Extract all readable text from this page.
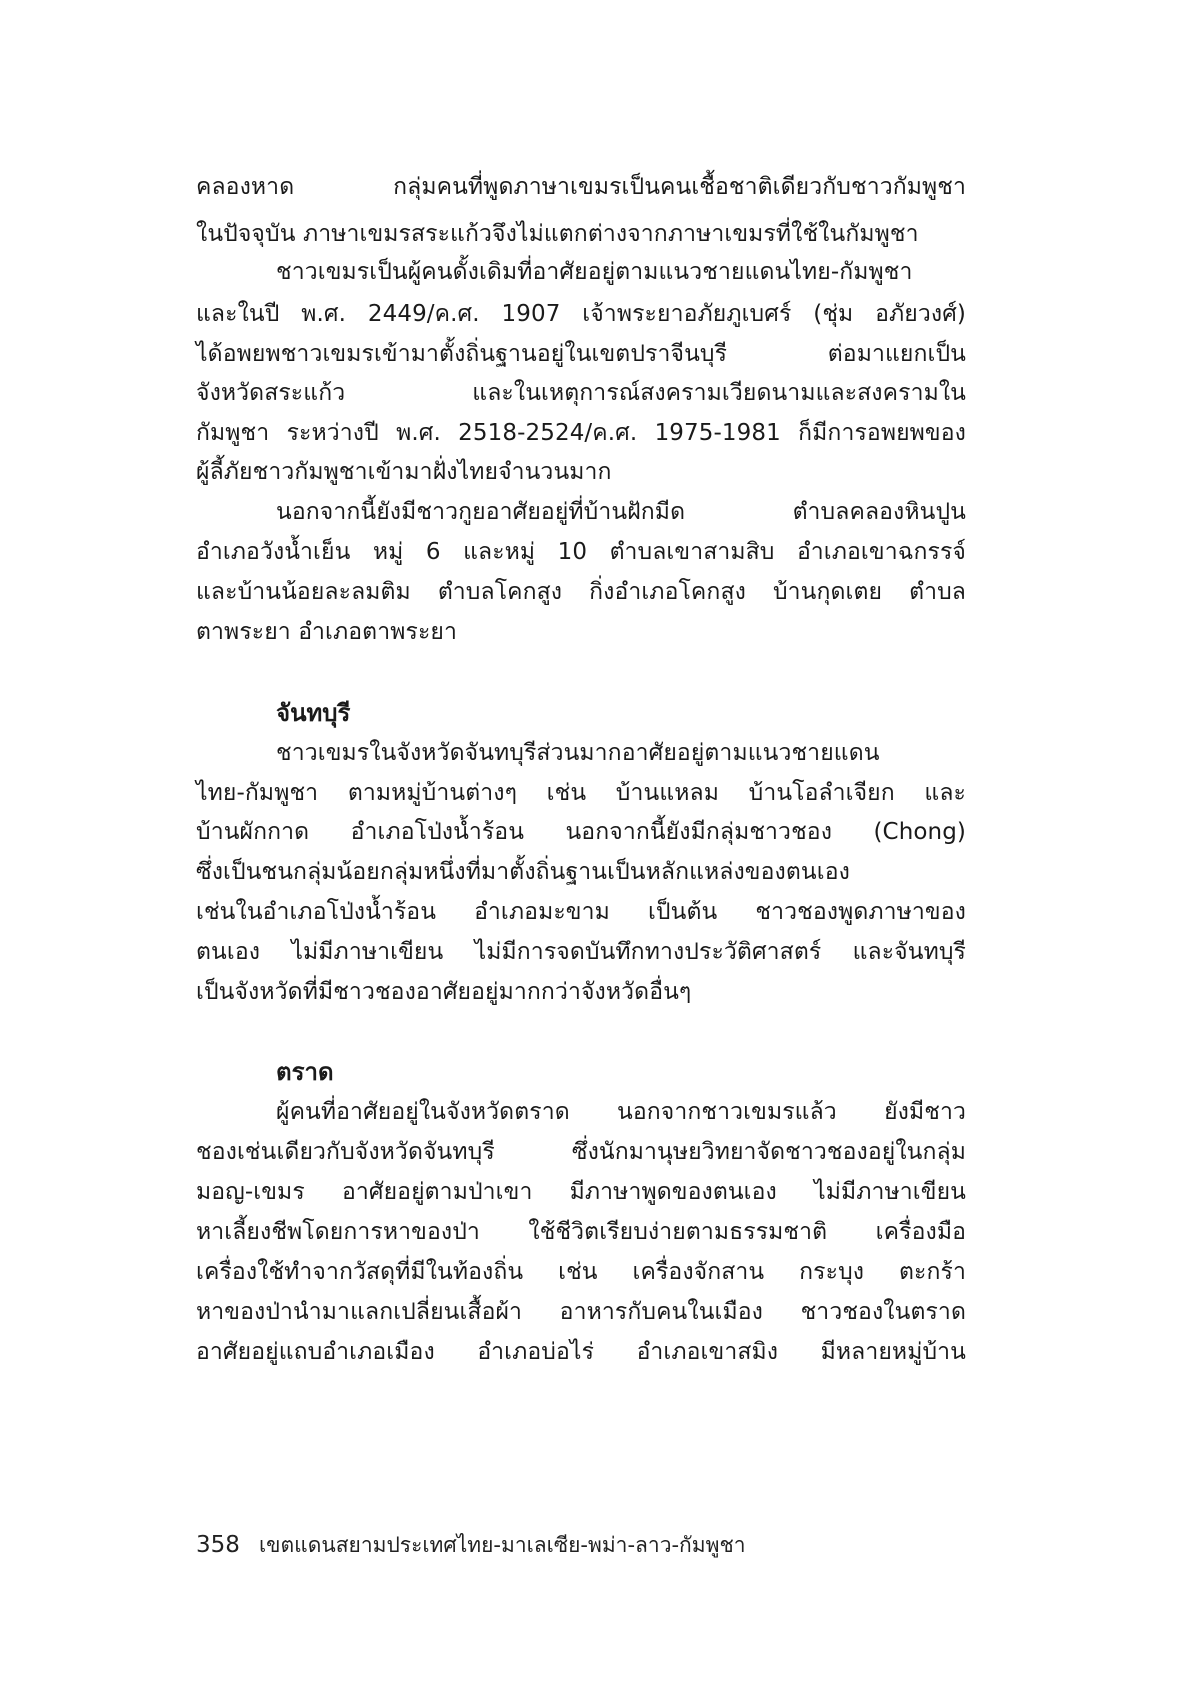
คลองหาด กลุ่มคนที่พูดภาษาเขมรเป็นคนเชื้อชาติเดียวกับชาวกัมพูชา
ในปัจจุบัน ภาษาเขมรสระแก้วจึงไม่แตกต่างจากภาษาเขมรที่ใช้ในกัมพูชา
ชาวเขมรเป็นผู้คนดั้งเดิมที่อาศัยอยู่ตามแนวชายแดนไทย-กัมพูชา
และในปี พ.ศ. 2449/ค.ศ. 1907 เจ้าพระยาอภัยภูเบศร์ (ชุ่ม อภัยวงศ์)
ได้อพยพชาวเขมรเข้ามาตั้งถิ่นฐานอยู่ในเขตปราจีนบุรี ต่อมาแยกเป็น
จังหวัดสระแก้ว และในเหตุการณ์สงครามเวียดนามและสงครามใน
กัมพูชา ระหว่างปี พ.ศ. 2518-2524/ค.ศ. 1975-1981 ก็มีการอพยพของ
ผู้ลี้ภัยชาวกัมพูชาเข้ามาฝั่งไทยจำนวนมาก
นอกจากนี้ยังมีชาวกูยอาศัยอยู่ที่บ้านฝักมีด ตำบลคลองหินปูน
อำเภอวังน้ำเย็น หมู่ 6 และหมู่ 10 ตำบลเขาสามสิบ อำเภอเขาฉกรรจ์
และบ้านน้อยละลมติม ตำบลโคกสูง กิ่งอำเภอโคกสูง บ้านกุดเตย ตำบล
ตาพระยา อำเภอตาพระยา
จันทบุรี
ชาวเขมรในจังหวัดจันทบุรีส่วนมากอาศัยอยู่ตามแนวชายแดน
ไทย-กัมพูชา ตามหมู่บ้านต่างๆ เช่น บ้านแหลม บ้านโอลำเจียก และ
บ้านผักกาด อำเภอโป่งน้ำร้อน นอกจากนี้ยังมีกลุ่มชาวชอง (Chong)
ซึ่งเป็นชนกลุ่มน้อยกลุ่มหนึ่งที่มาตั้งถิ่นฐานเป็นหลักแหล่งของตนเอง
เช่นในอำเภอโป่งน้ำร้อน อำเภอมะขาม เป็นต้น ชาวชองพูดภาษาของ
ตนเอง ไม่มีภาษาเขียน ไม่มีการจดบันทึกทางประวัติศาสตร์ และจันทบุรี
เป็นจังหวัดที่มีชาวชองอาศัยอยู่มากกว่าจังหวัดอื่นๆ
ตราด
ผู้คนที่อาศัยอยู่ในจังหวัดตราด นอกจากชาวเขมรแล้ว ยังมีชาว
ชองเช่นเดียวกับจังหวัดจันทบุรี ซึ่งนักมานุษยวิทยาจัดชาวชองอยู่ในกลุ่ม
มอญ-เขมร อาศัยอยู่ตามป่าเขา มีภาษาพูดของตนเอง ไม่มีภาษาเขียน
หาเลี้ยงชีพโดยการหาของป่า ใช้ชีวิตเรียบง่ายตามธรรมชาติ เครื่องมือ
เครื่องใช้ทำจากวัสดุที่มีในท้องถิ่น เช่น เครื่องจักสาน กระบุง ตะกร้า
หาของป่านำมาแลกเปลี่ยนเสื้อผ้า อาหารกับคนในเมือง ชาวชองในตราด
อาศัยอยู่แถบอำเภอเมือง อำเภอบ่อไร่ อำเภอเขาสมิง มีหลายหมู่บ้าน
358 เขตแดนสยามประเทศไทย-มาเลเซีย-พม่า-ลาว-กัมพูชา
